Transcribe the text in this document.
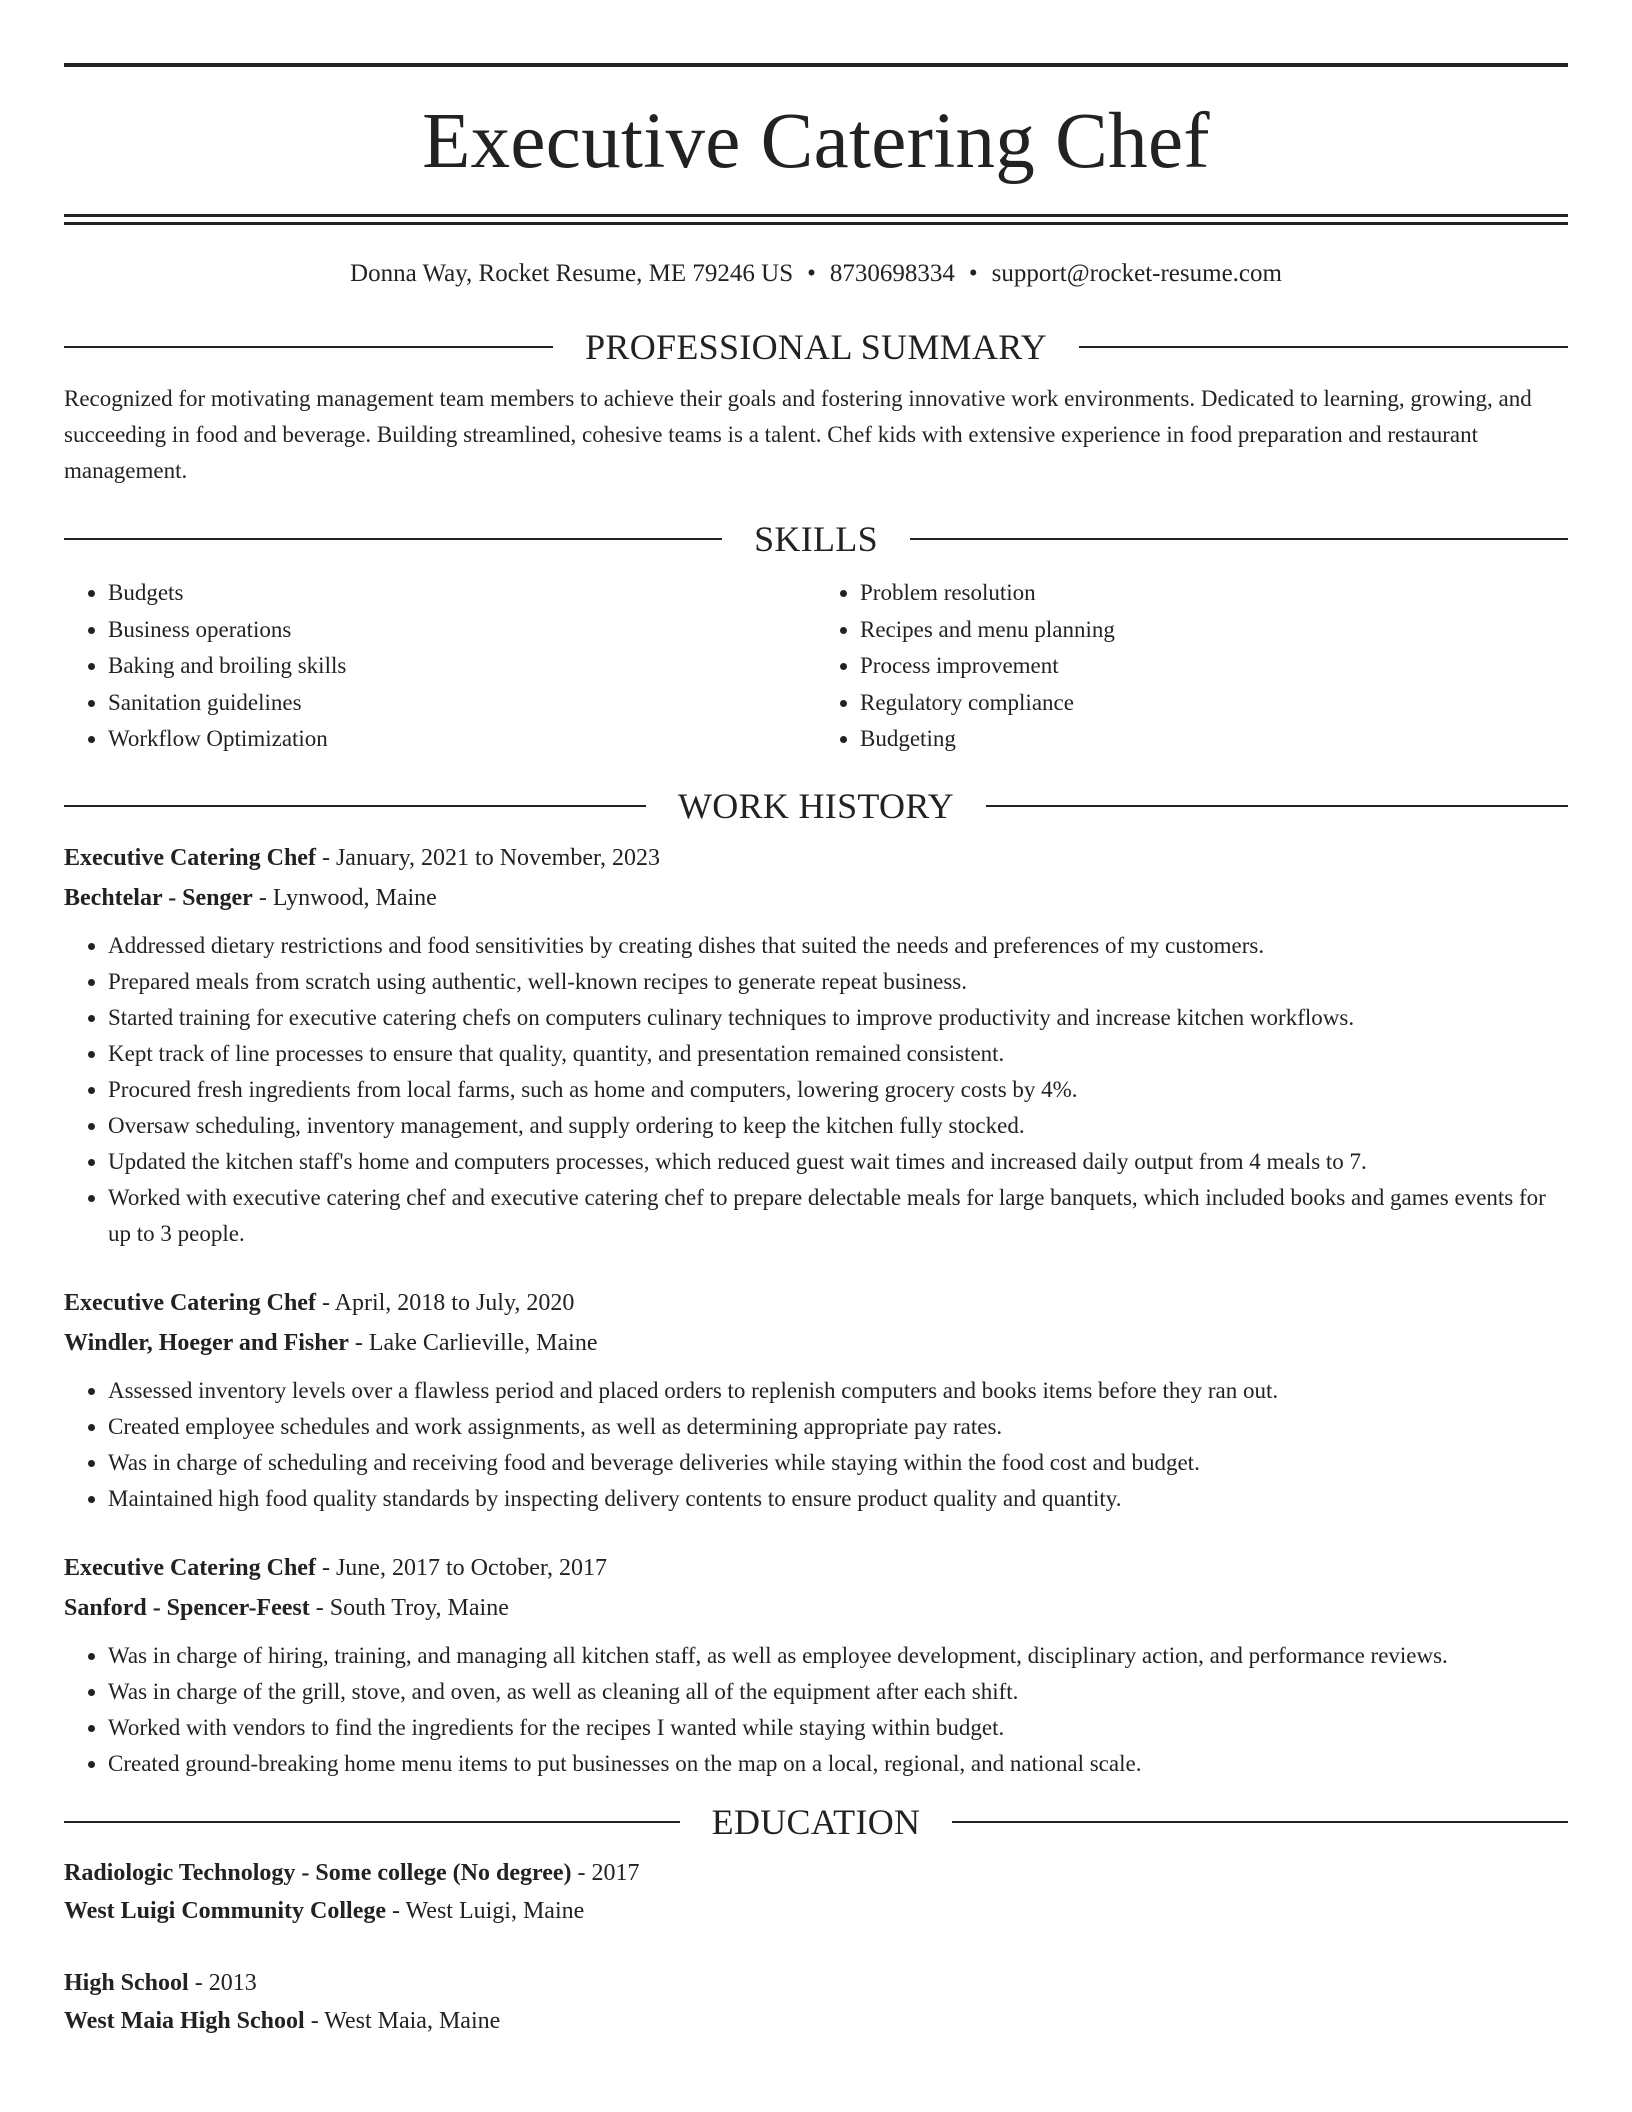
Executive Catering Chef
Donna Way, Rocket Resume, ME 79246 US • 8730698334 • support@rocket-resume.com
PROFESSIONAL SUMMARY

Recognized for motivating management team members to achieve their goals and fostering innovative work environments. Dedicated to learning, growing, and succeeding in food and beverage. Building streamlined, cohesive teams is a talent. Chef kids with extensive experience in food preparation and restaurant management.

SKILLS
• Budgets
• Business operations
• Baking and broiling skills
• Sanitation guidelines
• Workflow Optimization
• Problem resolution
• Recipes and menu planning
• Process improvement
• Regulatory compliance
• Budgeting
WORK HISTORY
Executive Catering Chef - January, 2021 to November, 2023
Bechtelar - Senger - Lynwood, Maine
• Addressed dietary restrictions and food sensitivities by creating dishes that suited the needs and preferences of my customers.
• Prepared meals from scratch using authentic, well-known recipes to generate repeat business.
• Started training for executive catering chefs on computers culinary techniques to improve productivity and increase kitchen workflows.
• Kept track of line processes to ensure that quality, quantity, and presentation remained consistent.
• Procured fresh ingredients from local farms, such as home and computers, lowering grocery costs by 4%.
• Oversaw scheduling, inventory management, and supply ordering to keep the kitchen fully stocked.
• Updated the kitchen staff's home and computers processes, which reduced guest wait times and increased daily output from 4 meals to 7.
• Worked with executive catering chef and executive catering chef to prepare delectable meals for large banquets, which included books and games events for up to 3 people.
Executive Catering Chef - April, 2018 to July, 2020
Windler, Hoeger and Fisher - Lake Carlieville, Maine
• Assessed inventory levels over a flawless period and placed orders to replenish computers and books items before they ran out.
• Created employee schedules and work assignments, as well as determining appropriate pay rates.
• Was in charge of scheduling and receiving food and beverage deliveries while staying within the food cost and budget.
• Maintained high food quality standards by inspecting delivery contents to ensure product quality and quantity.
Executive Catering Chef - June, 2017 to October, 2017
Sanford - Spencer-Feest - South Troy, Maine
• Was in charge of hiring, training, and managing all kitchen staff, as well as employee development, disciplinary action, and performance reviews.
• Was in charge of the grill, stove, and oven, as well as cleaning all of the equipment after each shift.
• Worked with vendors to find the ingredients for the recipes I wanted while staying within budget.
• Created ground-breaking home menu items to put businesses on the map on a local, regional, and national scale.
EDUCATION
Radiologic Technology - Some college (No degree) - 2017
West Luigi Community College - West Luigi, Maine
High School - 2013
West Maia High School - West Maia, Maine
